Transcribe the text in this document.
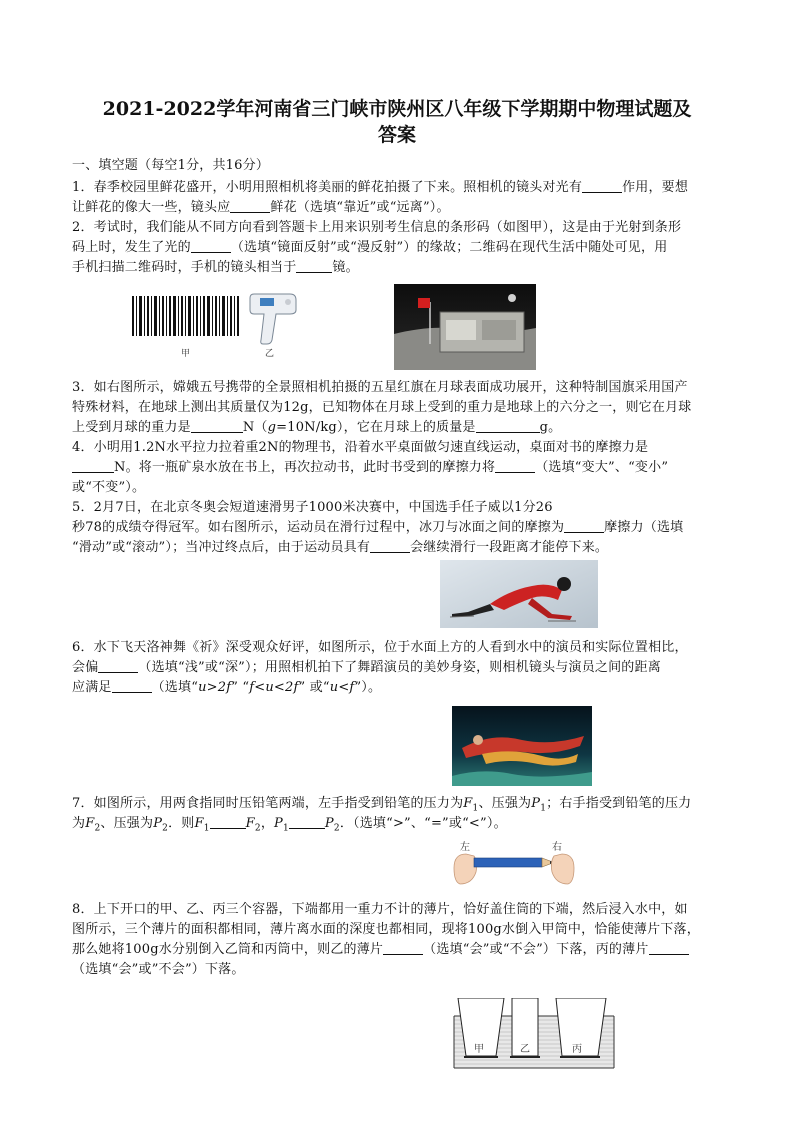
2021-2022学年河南省三门峡市陕州区八年级下学期期中物理试题及
答案
一、填空题（每空1分，共16分）
1．春季校园里鲜花盛开，小明用照相机将美丽的鲜花拍摄了下来。照相机的镜头对光有	作用，要想
让鲜花的像大一些，镜头应	鲜花（选填“靠近”或“远离”）。
2．考试时，我们能从不同方向看到答题卡上用来识别考生信息的条形码（如图甲），这是由于光射到条形
码上时，发生了光的	（选填“镜面反射”或“漫反射”）的缘故；二维码在现代生活中随处可见，用
手机扫描二维码时，手机的镜头相当于	镜。
甲	乙
3．如右图所示，嫦娥五号携带的全景照相机拍摄的五星红旗在月球表面成功展开，这种特制国旗采用国产
特殊材料，在地球上测出其质量仅为12g，已知物体在月球上受到的重力是地球上的六分之一，则它在月球
上受到月球的重力是	N（g=10N/kg），它在月球上的质量是	g。
4．小明用1.2N水平拉力拉着重2N的物理书，沿着水平桌面做匀速直线运动，桌面对书的摩擦力是
N。将一瓶矿泉水放在书上，再次拉动书，此时书受到的摩擦力将	（选填“变大”、“变小”
或“不变”）。
5．2月7日，在北京冬奥会短道速滑男子1000米决赛中，中国选手任子威以1分26
秒78的成绩夺得冠军。如右图所示，运动员在滑行过程中，冰刀与冰面之间的摩擦为	摩擦力（选填
“滑动”或“滚动”）；当冲过终点后，由于运动员具有	会继续滑行一段距离才能停下来。
6．水下飞天洛神舞《祈》深受观众好评，如图所示，位于水面上方的人看到水中的演员和实际位置相比，
会偏	（选填“浅”或“深”）；用照相机拍下了舞蹈演员的美妙身姿，则相机镜头与演员之间的距离
应满足	（选填“u>2f” “f<u<2f” 或“u<f”）。
7．如图所示，用两食指同时压铅笔两端，左手指受到铅笔的压力为$F_1$、压强为$P_1$；右手指受到铅笔的压力
为$F_2$、压强为$P_2$．则$F_1$	$F_2$，$P_1$	$P_2$．（选填“>”、“=”或“<”）。
左	右
8．上下开口的甲、乙、丙三个容器，下端都用一重力不计的薄片，恰好盖住筒的下端，然后浸入水中，如
图所示，三个薄片的面积都相同，薄片离水面的深度也都相同，现将100g水倒入甲筒中，恰能使薄片下落，
那么她将100g水分别倒入乙筒和丙筒中，则乙的薄片	（选填“会”或“不会”）下落，丙的薄片
（选填“会”或”不会”）下落。
甲	乙	丙
